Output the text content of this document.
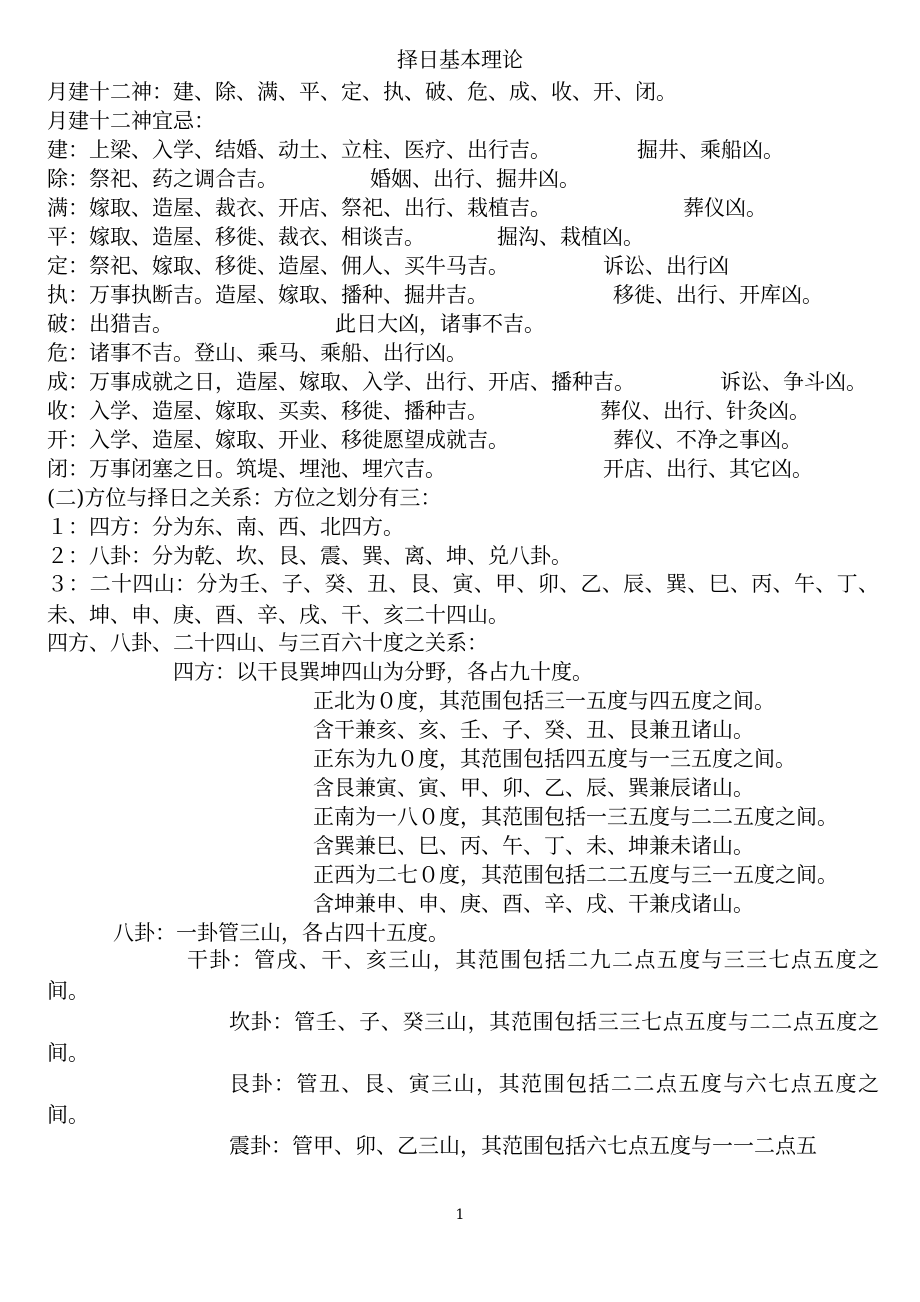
择日基本理论
月建十二神：建、除、满、平、定、执、破、危、成、收、开、闭。
月建十二神宜忌：
建：上梁、入学、结婚、动土、立柱、医疗、出行吉。	掘井、乘船凶。
除：祭祀、药之调合吉。	婚姻、出行、掘井凶。
满：嫁取、造屋、裁衣、开店、祭祀、出行、栽植吉。	葬仪凶。
平：嫁取、造屋、移徙、裁衣、相谈吉。	掘沟、栽植凶。
定：祭祀、嫁取、移徙、造屋、佣人、买牛马吉。	诉讼、出行凶
执：万事执断吉。造屋、嫁取、播种、掘井吉。	移徙、出行、开库凶。
破：出猎吉。	此日大凶，诸事不吉。
危：诸事不吉。登山、乘马、乘船、出行凶。
成：万事成就之日，造屋、嫁取、入学、出行、开店、播种吉。	诉讼、争斗凶。
收：入学、造屋、嫁取、买卖、移徙、播种吉。	葬仪、出行、针灸凶。
开：入学、造屋、嫁取、开业、移徙愿望成就吉。	葬仪、不净之事凶。
闭：万事闭塞之日。筑堤、埋池、埋穴吉。	开店、出行、其它凶。
(二)方位与择日之关系：方位之划分有三：
１：四方：分为东、南、西、北四方。
２：八卦：分为乾、坎、艮、震、巽、离、坤、兑八卦。
３：二十四山：分为壬、子、癸、丑、艮、寅、甲、卯、乙、辰、巽、巳、丙、午、丁、未、坤、申、庚、酉、辛、戌、干、亥二十四山。
四方、八卦、二十四山、与三百六十度之关系：
四方：以干艮巽坤四山为分野，各占九十度。
正北为０度，其范围包括三一五度与四五度之间。
含干兼亥、亥、壬、子、癸、丑、艮兼丑诸山。
正东为九０度，其范围包括四五度与一三五度之间。
含艮兼寅、寅、甲、卯、乙、辰、巽兼辰诸山。
正南为一八０度，其范围包括一三五度与二二五度之间。
含巽兼巳、巳、丙、午、丁、未、坤兼未诸山。
正西为二七０度，其范围包括二二五度与三一五度之间。
含坤兼申、申、庚、酉、辛、戌、干兼戌诸山。
八卦：一卦管三山，各占四十五度。
干卦：管戌、干、亥三山，其范围包括二九二点五度与三三七点五度之间。
坎卦：管壬、子、癸三山，其范围包括三三七点五度与二二点五度之间。
艮卦：管丑、艮、寅三山，其范围包括二二点五度与六七点五度之间。
震卦：管甲、卯、乙三山，其范围包括六七点五度与一一二点五
1
